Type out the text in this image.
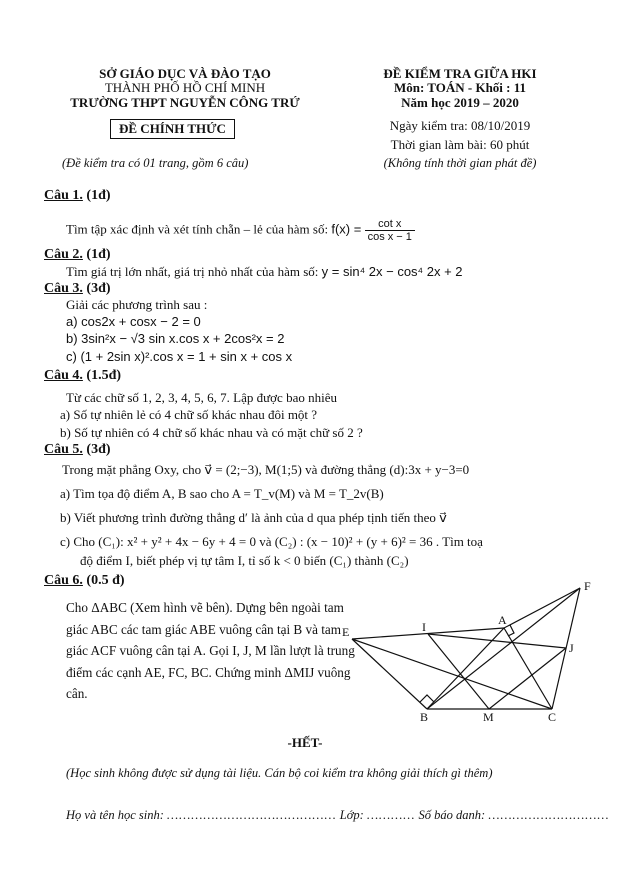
SỞ GIÁO DỤC VÀ ĐÀO TẠO
THÀNH PHỐ HỒ CHÍ MINH
TRƯỜNG THPT NGUYỄN CÔNG TRỨ
ĐỀ CHÍNH THỨC
(Đề kiểm tra có 01 trang, gồm 6 câu)
ĐỀ KIỂM TRA GIỮA HKI
Môn: TOÁN - Khối : 11
Năm học 2019 – 2020
Ngày kiểm tra: 08/10/2019
Thời gian làm bài: 60 phút
(Không tính thời gian phát đề)
Câu 1. (1đ)
Tìm tập xác định và xét tính chẵn – lẻ của hàm số: $f(x) = \frac{\text{cot x}}{\text{cos x − 1}}$
Câu 2. (1đ)
Tìm giá trị lớn nhất, giá trị nhỏ nhất của hàm số: y = sin⁴ 2x − cos⁴ 2x + 2
Câu 3. (3đ)
Giải các phương trình sau :
a) cos2x + cosx − 2 = 0
b) 3sin²x − √3 sin x.cos x + 2cos²x = 2
c) (1 + 2sin x)².cos x = 1 + sin x + cos x
Câu 4. (1.5đ)
Từ các chữ số 1, 2, 3, 4, 5, 6, 7. Lập được bao nhiêu
a) Số tự nhiên lẻ có 4 chữ số khác nhau đôi một ?
b) Số tự nhiên có 4 chữ số khác nhau và có mặt chữ số 2 ?
Câu 5. (3đ)
Trong mặt phẳng Oxy, cho v⃗ = (2;−3), M(1;5) và đường thẳng (d):3x + y−3=0
a) Tìm tọa độ điểm A, B sao cho A = T_v(M) và M = T_2v(B)
b) Viết phương trình đường thẳng d′ là ảnh của d qua phép tịnh tiến theo v⃗
c) Cho (C₁): x² + y² + 4x − 6y + 4 = 0 và (C₂) : (x − 10)² + (y + 6)² = 36 . Tìm toạ
độ điểm I, biết phép vị tự tâm I, tỉ số k < 0 biến (C₁) thành (C₂)
Câu 6. (0.5 đ)
Cho ΔABC (Xem hình vẽ bên). Dựng bên ngoài tam giác ABC các tam giác ABE vuông cân tại B và tam giác ACF vuông cân tại A. Gọi I, J, M lần lượt là trung điểm các cạnh AE, FC, BC. Chứng minh ΔMIJ vuông cân.
F
A
E	I
J
B	M	C
-HẾT-
(Học sinh không được sử dụng tài liệu. Cán bộ coi kiểm tra không giải thích gì thêm)
Họ và tên học sinh: …………………………………… Lớp: ………… Số báo danh: …………………………
